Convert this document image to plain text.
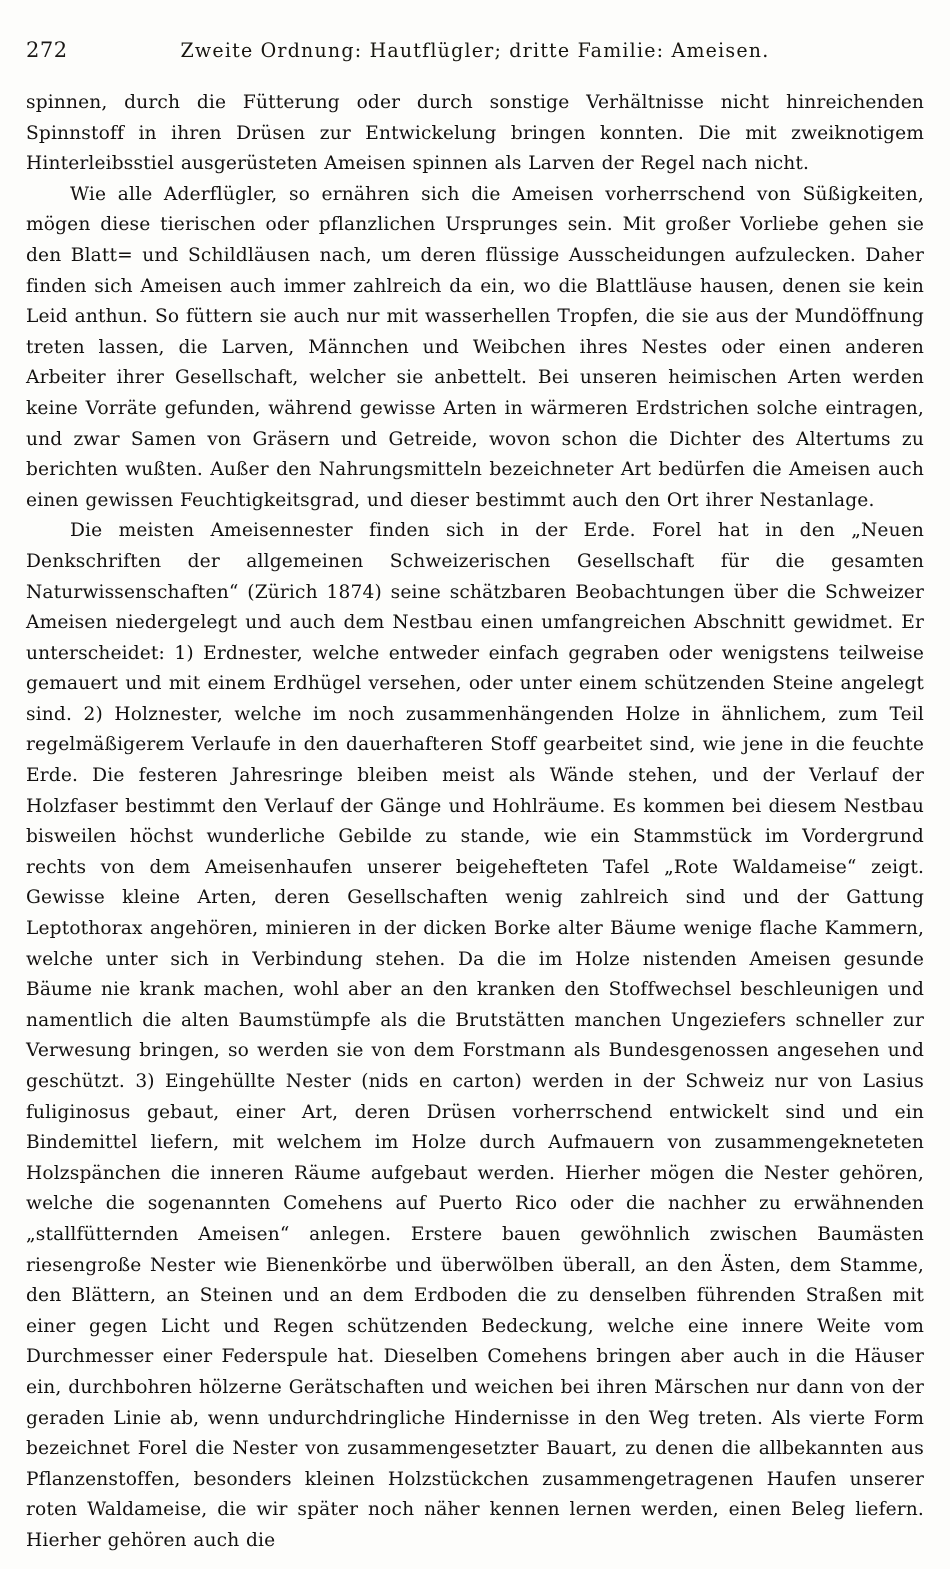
272	Zweite Ordnung: Hautflügler; dritte Familie: Ameisen.

spinnen, durch die Fütterung oder durch sonstige Verhältnisse nicht hinreichenden Spinnstoff in ihren Drüsen zur Entwickelung bringen konnten. Die mit zweiknotigem Hinterleibsstiel ausgerüsteten Ameisen spinnen als Larven der Regel nach nicht.

Wie alle Aderflügler, so ernähren sich die Ameisen vorherrschend von Süßigkeiten, mögen diese tierischen oder pflanzlichen Ursprunges sein. Mit großer Vorliebe gehen sie den Blatt= und Schildläusen nach, um deren flüssige Ausscheidungen aufzulecken. Daher finden sich Ameisen auch immer zahlreich da ein, wo die Blattläuse hausen, denen sie kein Leid anthun. So füttern sie auch nur mit wasserhellen Tropfen, die sie aus der Mundöffnung treten lassen, die Larven, Männchen und Weibchen ihres Nestes oder einen anderen Arbeiter ihrer Gesellschaft, welcher sie anbettelt. Bei unseren heimischen Arten werden keine Vorräte gefunden, während gewisse Arten in wärmeren Erdstrichen solche eintragen, und zwar Samen von Gräsern und Getreide, wovon schon die Dichter des Altertums zu berichten wußten. Außer den Nahrungsmitteln bezeichneter Art bedürfen die Ameisen auch einen gewissen Feuchtigkeitsgrad, und dieser bestimmt auch den Ort ihrer Nestanlage.

Die meisten Ameisennester finden sich in der Erde. Forel hat in den „Neuen Denkschriften der allgemeinen Schweizerischen Gesellschaft für die gesamten Naturwissenschaften“ (Zürich 1874) seine schätzbaren Beobachtungen über die Schweizer Ameisen niedergelegt und auch dem Nestbau einen umfangreichen Abschnitt gewidmet. Er unterscheidet: 1) Erdnester, welche entweder einfach gegraben oder wenigstens teilweise gemauert und mit einem Erdhügel versehen, oder unter einem schützenden Steine angelegt sind. 2) Holznester, welche im noch zusammenhängenden Holze in ähnlichem, zum Teil regelmäßigerem Verlaufe in den dauerhafteren Stoff gearbeitet sind, wie jene in die feuchte Erde. Die festeren Jahresringe bleiben meist als Wände stehen, und der Verlauf der Holzfaser bestimmt den Verlauf der Gänge und Hohlräume. Es kommen bei diesem Nestbau bisweilen höchst wunderliche Gebilde zu stande, wie ein Stammstück im Vordergrund rechts von dem Ameisenhaufen unserer beigehefteten Tafel „Rote Waldameise“ zeigt. Gewisse kleine Arten, deren Gesellschaften wenig zahlreich sind und der Gattung Leptothorax angehören, minieren in der dicken Borke alter Bäume wenige flache Kammern, welche unter sich in Verbindung stehen. Da die im Holze nistenden Ameisen gesunde Bäume nie krank machen, wohl aber an den kranken den Stoffwechsel beschleunigen und namentlich die alten Baumstümpfe als die Brutstätten manchen Ungeziefers schneller zur Verwesung bringen, so werden sie von dem Forstmann als Bundesgenossen angesehen und geschützt. 3) Eingehüllte Nester (nids en carton) werden in der Schweiz nur von Lasius fuliginosus gebaut, einer Art, deren Drüsen vorherrschend entwickelt sind und ein Bindemittel liefern, mit welchem im Holze durch Aufmauern von zusammengekneteten Holzspänchen die inneren Räume aufgebaut werden. Hierher mögen die Nester gehören, welche die sogenannten Comehens auf Puerto Rico oder die nachher zu erwähnenden „stallfütternden Ameisen“ anlegen. Erstere bauen gewöhnlich zwischen Baumästen riesengroße Nester wie Bienenkörbe und überwölben überall, an den Ästen, dem Stamme, den Blättern, an Steinen und an dem Erdboden die zu denselben führenden Straßen mit einer gegen Licht und Regen schützenden Bedeckung, welche eine innere Weite vom Durchmesser einer Federspule hat. Dieselben Comehens bringen aber auch in die Häuser ein, durchbohren hölzerne Gerätschaften und weichen bei ihren Märschen nur dann von der geraden Linie ab, wenn undurchdringliche Hindernisse in den Weg treten. Als vierte Form bezeichnet Forel die Nester von zusammengesetzter Bauart, zu denen die allbekannten aus Pflanzenstoffen, besonders kleinen Holzstückchen zusammengetragenen Haufen unserer roten Waldameise, die wir später noch näher kennen lernen werden, einen Beleg liefern. Hierher gehören auch die
